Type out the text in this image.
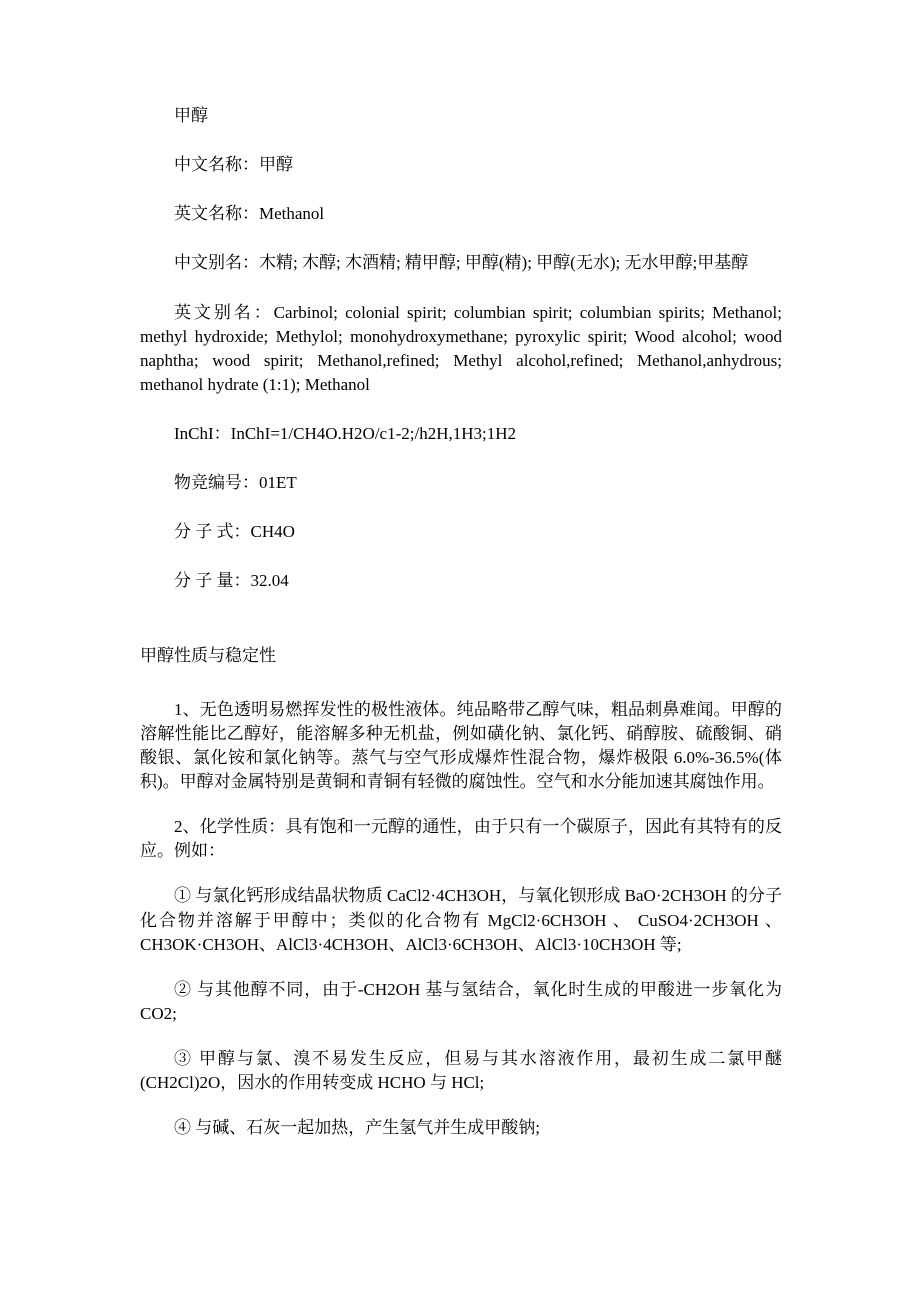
甲醇

中文名称：甲醇

英文名称：Methanol

中文别名：木精; 木醇; 木酒精; 精甲醇; 甲醇(精); 甲醇(无水); 无水甲醇;甲基醇

英文别名：Carbinol; colonial spirit; columbian spirit; columbian spirits; Methanol; methyl hydroxide; Methylol; monohydroxymethane; pyroxylic spirit; Wood alcohol; wood naphtha; wood spirit; Methanol,refined; Methyl alcohol,refined; Methanol,anhydrous; methanol hydrate (1:1); Methanol

InChI：InChI=1/CH4O.H2O/c1-2;/h2H,1H3;1H2

物竞编号：01ET

分 子 式：CH4O

分 子 量：32.04

甲醇性质与稳定性

1、无色透明易燃挥发性的极性液体。纯品略带乙醇气味，粗品刺鼻难闻。甲醇的溶解性能比乙醇好，能溶解多种无机盐，例如磺化钠、氯化钙、硝醇胺、硫酸铜、硝酸银、氯化铵和氯化钠等。蒸气与空气形成爆炸性混合物，爆炸极限 6.0%-36.5%(体积)。甲醇对金属特别是黄铜和青铜有轻微的腐蚀性。空气和水分能加速其腐蚀作用。

2、化学性质：具有饱和一元醇的通性，由于只有一个碳原子，因此有其特有的反应。例如：

① 与氯化钙形成结晶状物质 CaCl2·4CH3OH，与氧化钡形成 BaO·2CH3OH 的分子化合物并溶解于甲醇中；类似的化合物有 MgCl2·6CH3OH 、 CuSO4·2CH3OH 、CH3OK·CH3OH、AlCl3·4CH3OH、AlCl3·6CH3OH、AlCl3·10CH3OH 等;

② 与其他醇不同，由于-CH2OH 基与氢结合，氧化时生成的甲酸进一步氧化为 CO2;

③ 甲醇与氯、溴不易发生反应，但易与其水溶液作用，最初生成二氯甲醚(CH2Cl)2O，因水的作用转变成 HCHO 与 HCl;

④ 与碱、石灰一起加热，产生氢气并生成甲酸钠;
